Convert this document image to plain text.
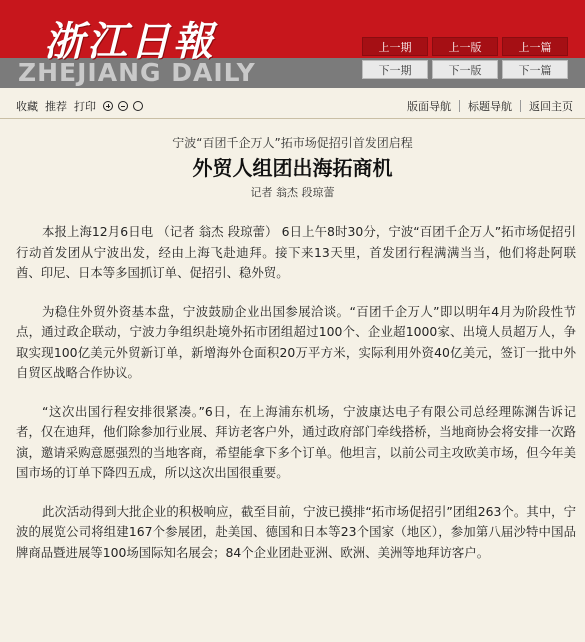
浙江日報
ZHEJIANG DAILY
上一期	上一版	上一篇
下一期	下一版	下一篇
收藏 推荐 打印	版面导航 标题导航 返回主页
宁波“百团千企万人”拓市场促招引首发团启程
外贸人组团出海拓商机
记者 翁杰 段琼蕾

本报上海12月6日电 （记者 翁杰 段琼蕾） 6日上午8时30分，宁波“百团千企万人”拓市场促招引行动首发团从宁波出发，经由上海飞赴迪拜。接下来13天里，首发团行程满满当当，他们将赴阿联酋、印尼、日本等多国抓订单、促招引、稳外贸。

为稳住外贸外资基本盘，宁波鼓励企业出国参展洽谈。“百团千企万人”即以明年4月为阶段性节点，通过政企联动，宁波力争组织赴境外拓市团组超过100个、企业超1000家、出境人员超万人，争取实现100亿美元外贸新订单，新增海外仓面积20万平方米，实际利用外资40亿美元，签订一批中外自贸区战略合作协议。

“这次出国行程安排很紧凑。”6日，在上海浦东机场，宁波康达电子有限公司总经理陈渊告诉记者，仅在迪拜，他们除参加行业展、拜访老客户外，通过政府部门牵线搭桥，当地商协会将安排一次路演，邀请采购意愿强烈的当地客商，希望能拿下多个订单。他坦言，以前公司主攻欧美市场，但今年美国市场的订单下降四五成，所以这次出国很重要。

此次活动得到大批企业的积极响应，截至目前，宁波已摸排“拓市场促招引”团组263个。其中，宁波的展览公司将组建167个参展团，赴美国、德国和日本等23个国家（地区），参加第八届沙特中国品牌商品暨进展等100场国际知名展会；84个企业团赴亚洲、欧洲、美洲等地拜访客户。
